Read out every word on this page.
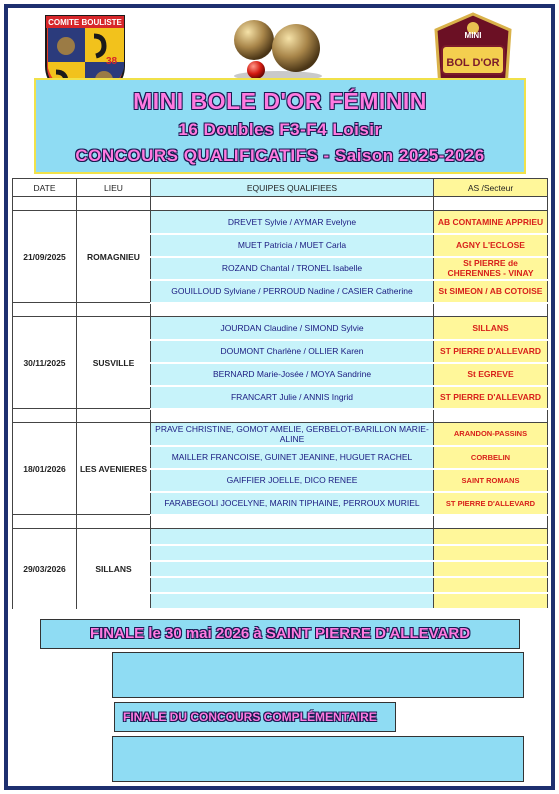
COMITE BOULISTE
38
MINI
BOL D'OR
MINI BOLE D'OR FÉMININ
16 Doubles F3-F4 Loisir
CONCOURS QUALIFICATIFS - Saison 2025-2026
DATE	LIEU	EQUIPES QUALIFIEES	AS /Secteur

21/09/2025	ROMAGNIEU	DREVET Sylvie / AYMAR Evelyne	AB CONTAMINE APPRIEU
		MUET Patricia / MUET Carla	AGNY L'ECLOSE
		ROZAND Chantal / TRONEL Isabelle	St PIERRE de CHERENNES - VINAY
		GOUILLOUD Sylviane / PERROUD Nadine / CASIER Catherine	St SIMEON / AB COTOISE

30/11/2025	SUSVILLE	JOURDAN Claudine / SIMOND Sylvie	SILLANS
		DOUMONT Charlène / OLLIER Karen	ST PIERRE D'ALLEVARD
		BERNARD Marie-Josée / MOYA Sandrine	St EGREVE
		FRANCART Julie / ANNIS Ingrid	ST PIERRE D'ALLEVARD

18/01/2026	LES AVENIERES	PRAVE CHRISTINE, GOMOT AMELIE, GERBELOT-BARILLON MARIE-ALINE	ARANDON-PASSINS
		MAILLER FRANCOISE, GUINET JEANINE, HUGUET RACHEL	CORBELIN
		GAIFFIER JOELLE, DICO RENEE	SAINT ROMANS
		FARABEGOLI JOCELYNE, MARIN TIPHAINE, PERROUX MURIEL	ST PIERRE D'ALLEVARD

29/03/2026	SILLANS		

FINALE le 30 mai 2026 à SAINT PIERRE D'ALLEVARD
FINALE DU CONCOURS COMPLÉMENTAIRE
